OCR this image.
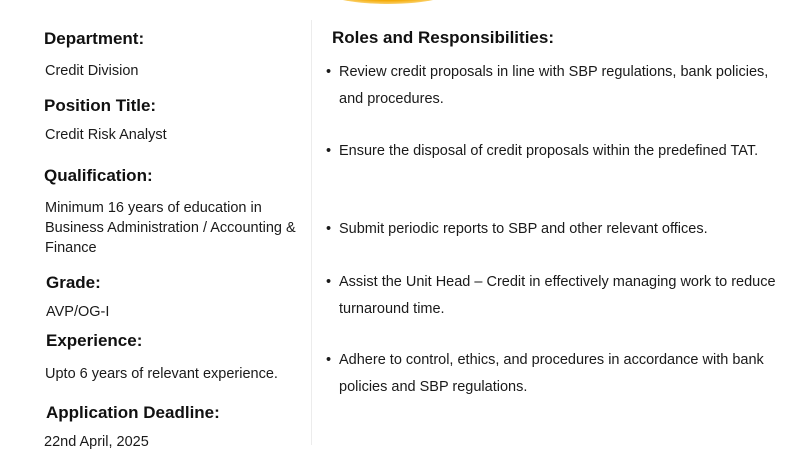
Department:
Credit Division
Position Title:
Credit Risk Analyst
Qualification:
Minimum 16 years of education in Business Administration / Accounting & Finance
Grade:
AVP/OG-I
Experience:
Upto 6 years of relevant experience.
Application Deadline:
22nd April, 2025
Roles and Responsibilities:
• Review credit proposals in line with SBP regulations, bank policies, and procedures.
• Ensure the disposal of credit proposals within the predefined TAT.
• Submit periodic reports to SBP and other relevant offices.
• Assist the Unit Head – Credit in effectively managing work to reduce turnaround time.
• Adhere to control, ethics, and procedures in accordance with bank policies and SBP regulations.
